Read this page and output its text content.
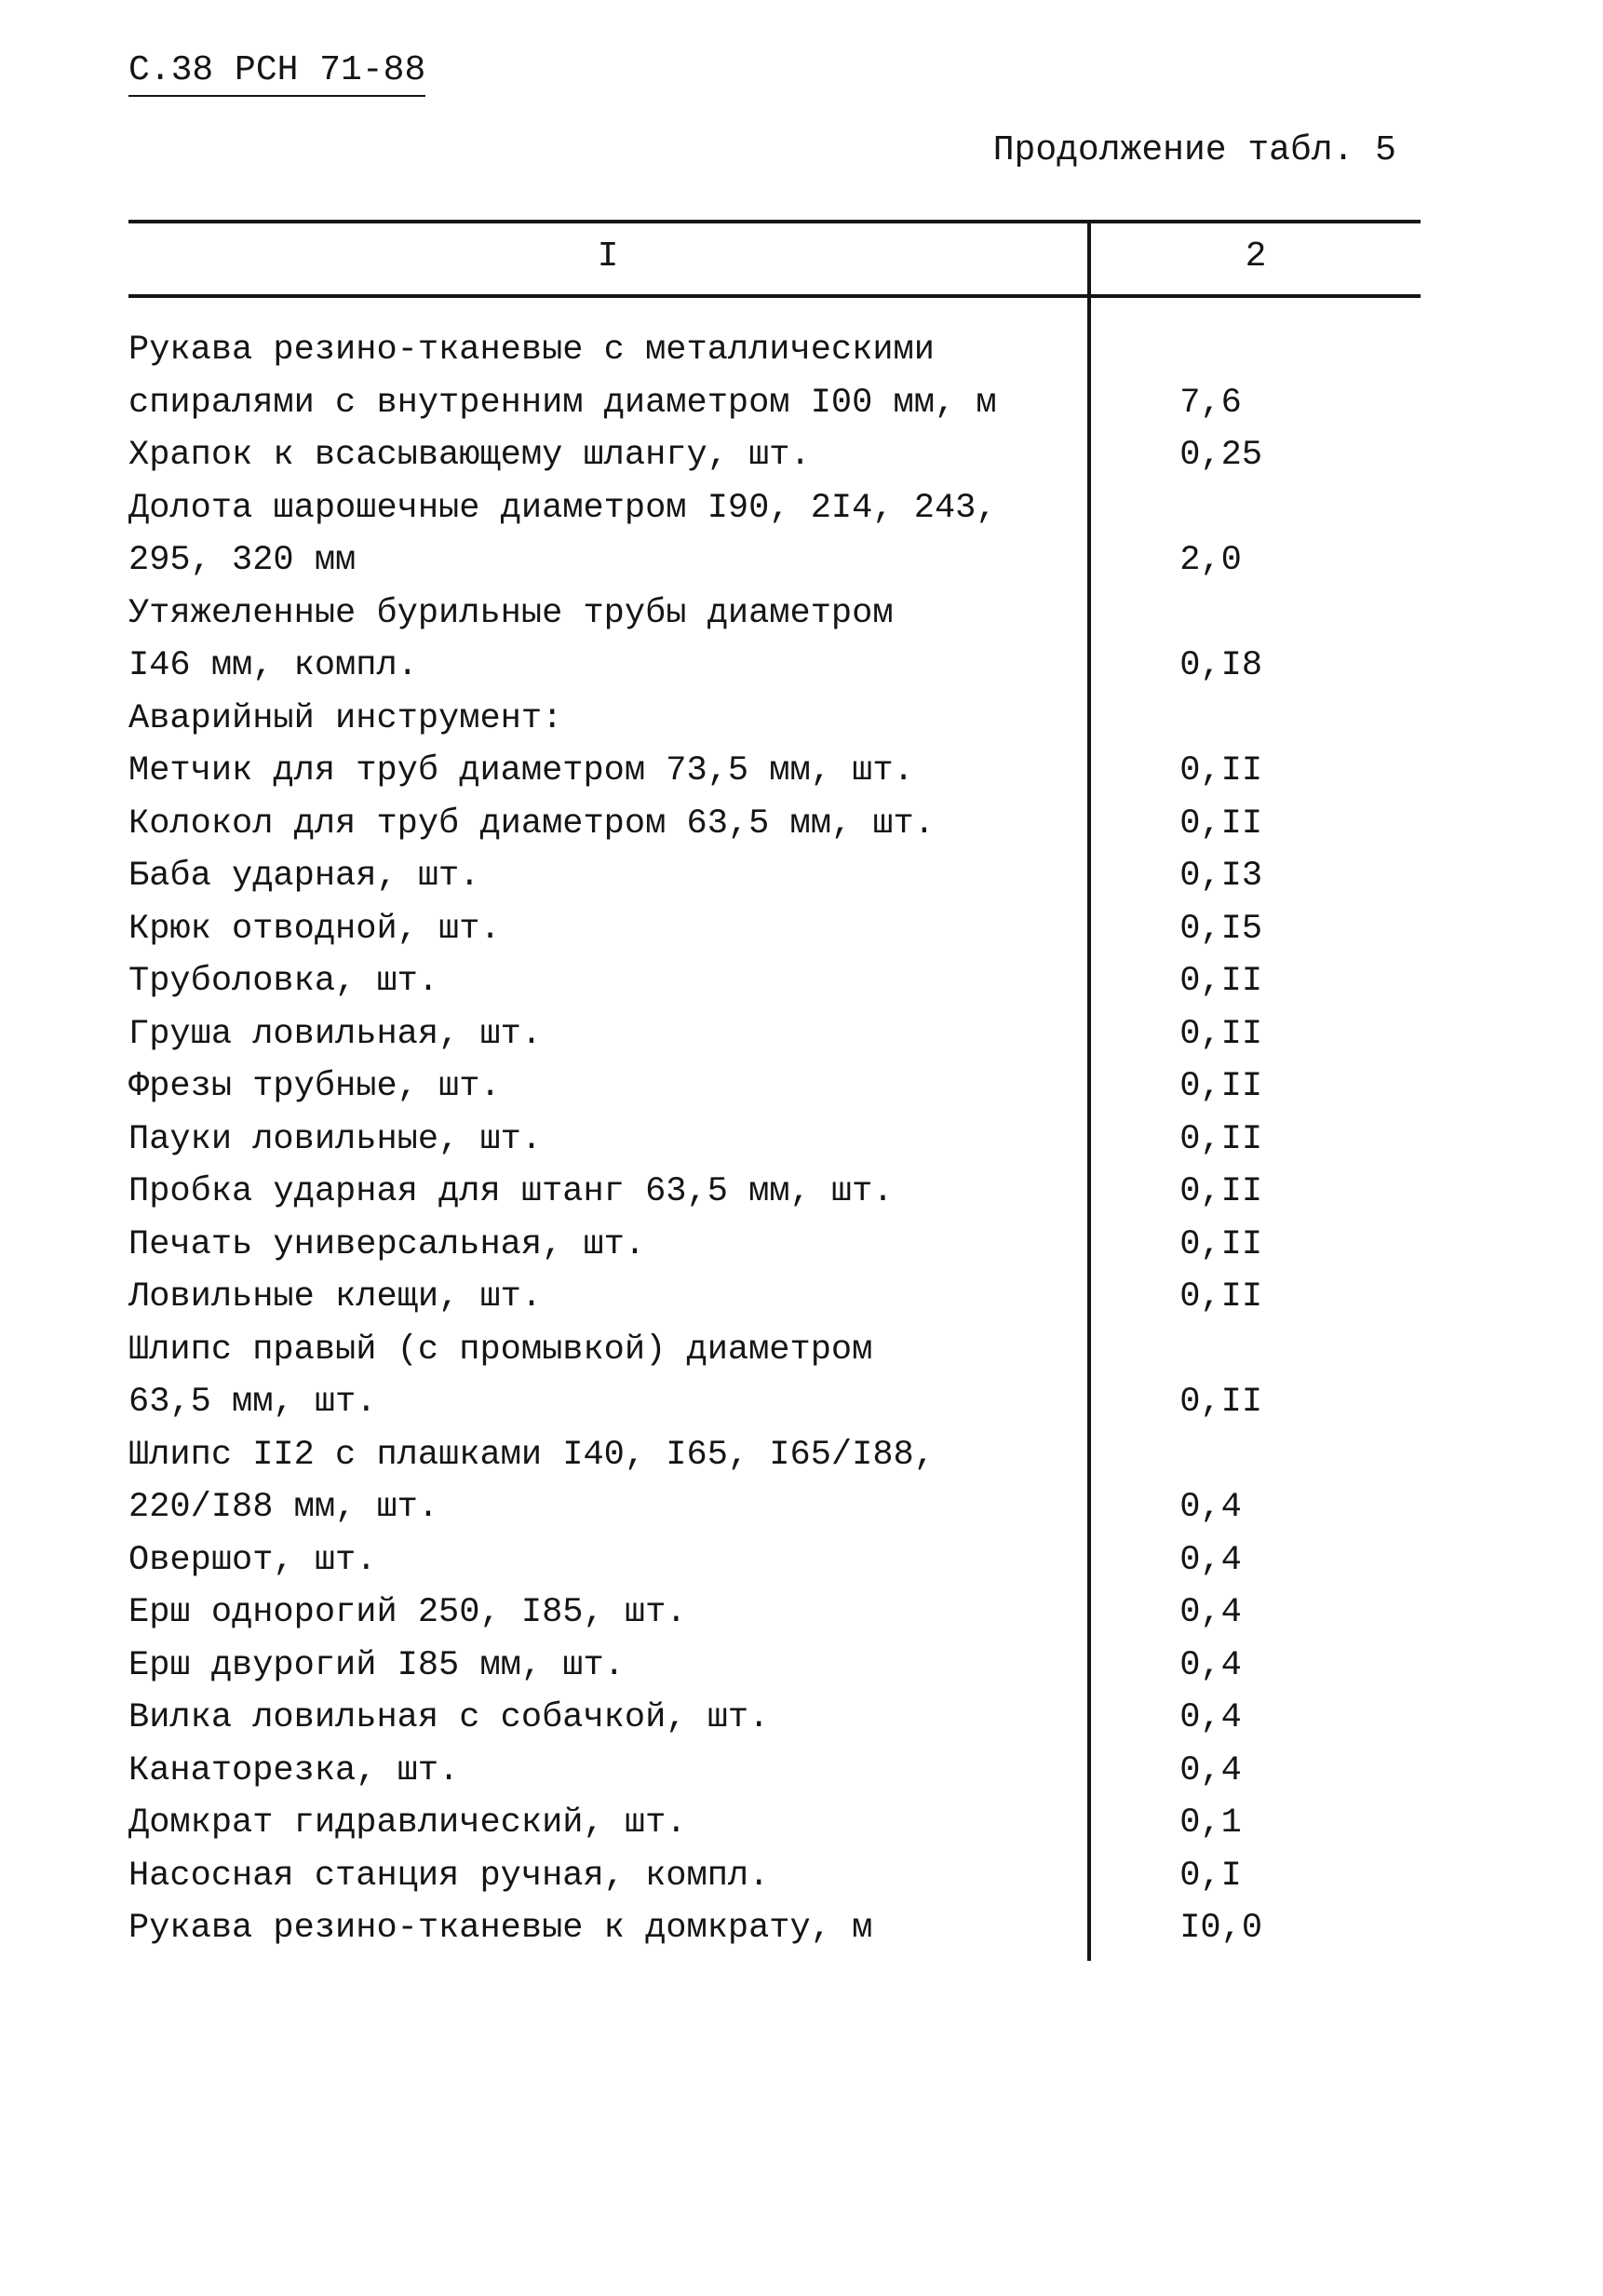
С.38 РСН 71-88
Продолжение табл. 5
I	2
Рукава резино-тканевые с металлическими
спиралями с внутренним диаметром I00 мм, м	7,6
Храпок к всасывающему шлангу, шт.	0,25
Долота шарошечные диаметром I90, 2I4, 243,
295, 320 мм	2,0
Утяжеленные бурильные трубы диаметром
I46 мм, компл.	0,I8
Аварийный инструмент:
Метчик для труб диаметром 73,5 мм, шт.	0,II
Колокол для труб диаметром 63,5 мм, шт.	0,II
Баба ударная, шт.	0,I3
Крюк отводной, шт.	0,I5
Труболовка, шт.	0,II
Груша ловильная, шт.	0,II
Фрезы трубные, шт.	0,II
Пауки ловильные, шт.	0,II
Пробка ударная для штанг 63,5 мм, шт.	0,II
Печать универсальная, шт.	0,II
Ловильные клещи, шт.	0,II
Шлипс правый (с промывкой) диаметром
63,5 мм, шт.	0,II
Шлипс II2 с плашками I40, I65, I65/I88,
220/I88 мм, шт.	0,4
Овершот, шт.	0,4
Ерш однорогий 250, I85, шт.	0,4
Ерш двурогий I85 мм, шт.	0,4
Вилка ловильная с собачкой, шт.	0,4
Канаторезка, шт.	0,4
Домкрат гидравлический, шт.	0,1
Насосная станция ручная, компл.	0,I
Рукава резино-тканевые к домкрату, м	I0,0
